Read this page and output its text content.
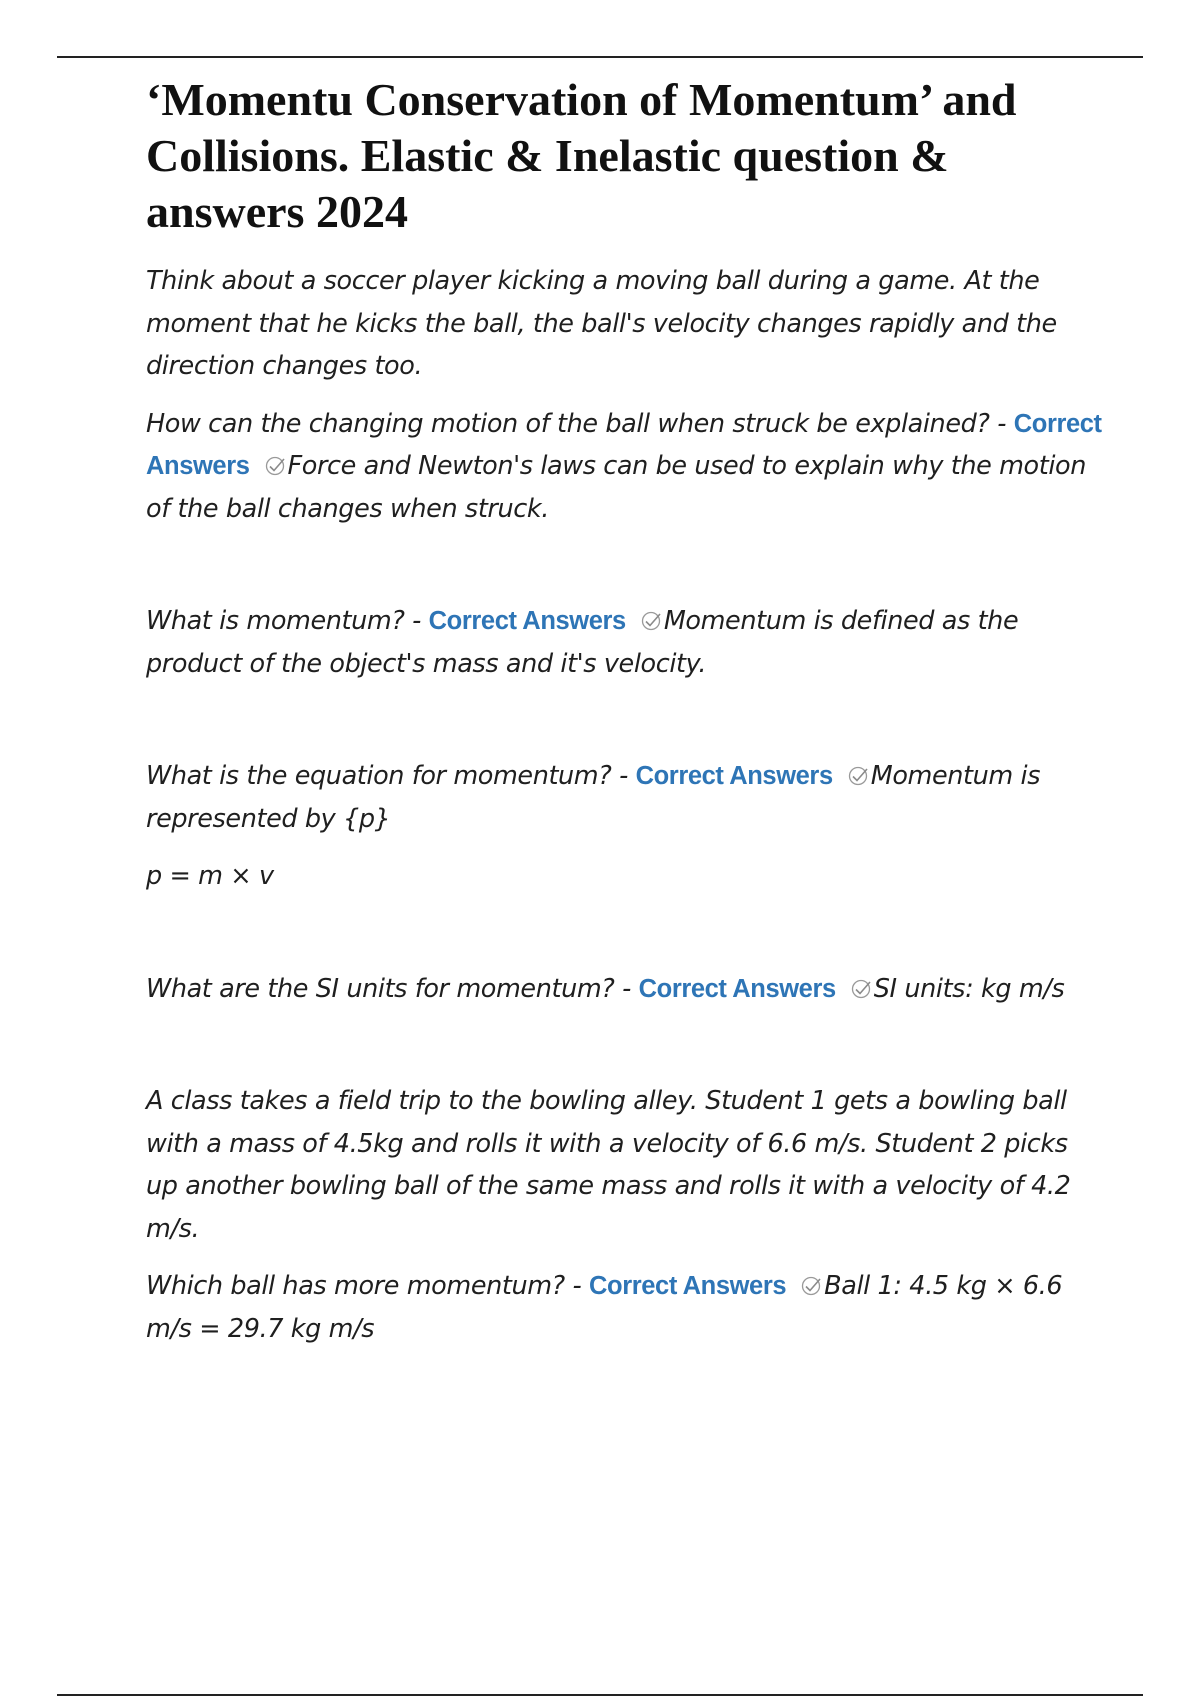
‘Momentu Conservation of Momentum’ and Collisions. Elastic & Inelastic question & answers 2024

Think about a soccer player kicking a moving ball during a game. At the moment that he kicks the ball, the ball's velocity changes rapidly and the direction changes too.

How can the changing motion of the ball when struck be explained? - Correct Answers Force and Newton's laws can be used to explain why the motion of the ball changes when struck.

What is momentum? - Correct Answers Momentum is defined as the product of the object's mass and it's velocity.

What is the equation for momentum? - Correct Answers Momentum is represented by {p}

p = m × v

What are the SI units for momentum? - Correct Answers SI units: kg m/s

A class takes a field trip to the bowling alley. Student 1 gets a bowling ball with a mass of 4.5kg and rolls it with a velocity of 6.6 m/s. Student 2 picks up another bowling ball of the same mass and rolls it with a velocity of 4.2 m/s.

Which ball has more momentum? - Correct Answers Ball 1: 4.5 kg × 6.6 m/s = 29.7 kg m/s
